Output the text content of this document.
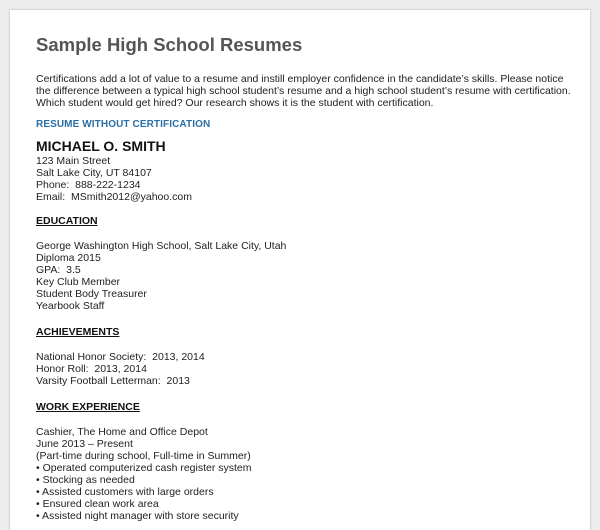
Sample High School Resumes
Certifications add a lot of value to a resume and instill employer confidence in the candidate’s skills. Please notice the difference between a typical high school student’s resume and a high school student’s resume with certification. Which student would get hired? Our research shows it is the student with certification.
RESUME WITHOUT CERTIFICATION
MICHAEL O. SMITH
123 Main Street
Salt Lake City, UT 84107
Phone:  888-222-1234
Email:  MSmith2012@yahoo.com
EDUCATION
George Washington High School, Salt Lake City, Utah
Diploma 2015
GPA:  3.5
Key Club Member
Student Body Treasurer
Yearbook Staff
ACHIEVEMENTS
National Honor Society:  2013, 2014
Honor Roll:  2013, 2014
Varsity Football Letterman:  2013
WORK EXPERIENCE
Cashier, The Home and Office Depot
June 2013 – Present
(Part-time during school, Full-time in Summer)
• Operated computerized cash register system
• Stocking as needed
• Assisted customers with large orders
• Ensured clean work area
• Assisted night manager with store security
